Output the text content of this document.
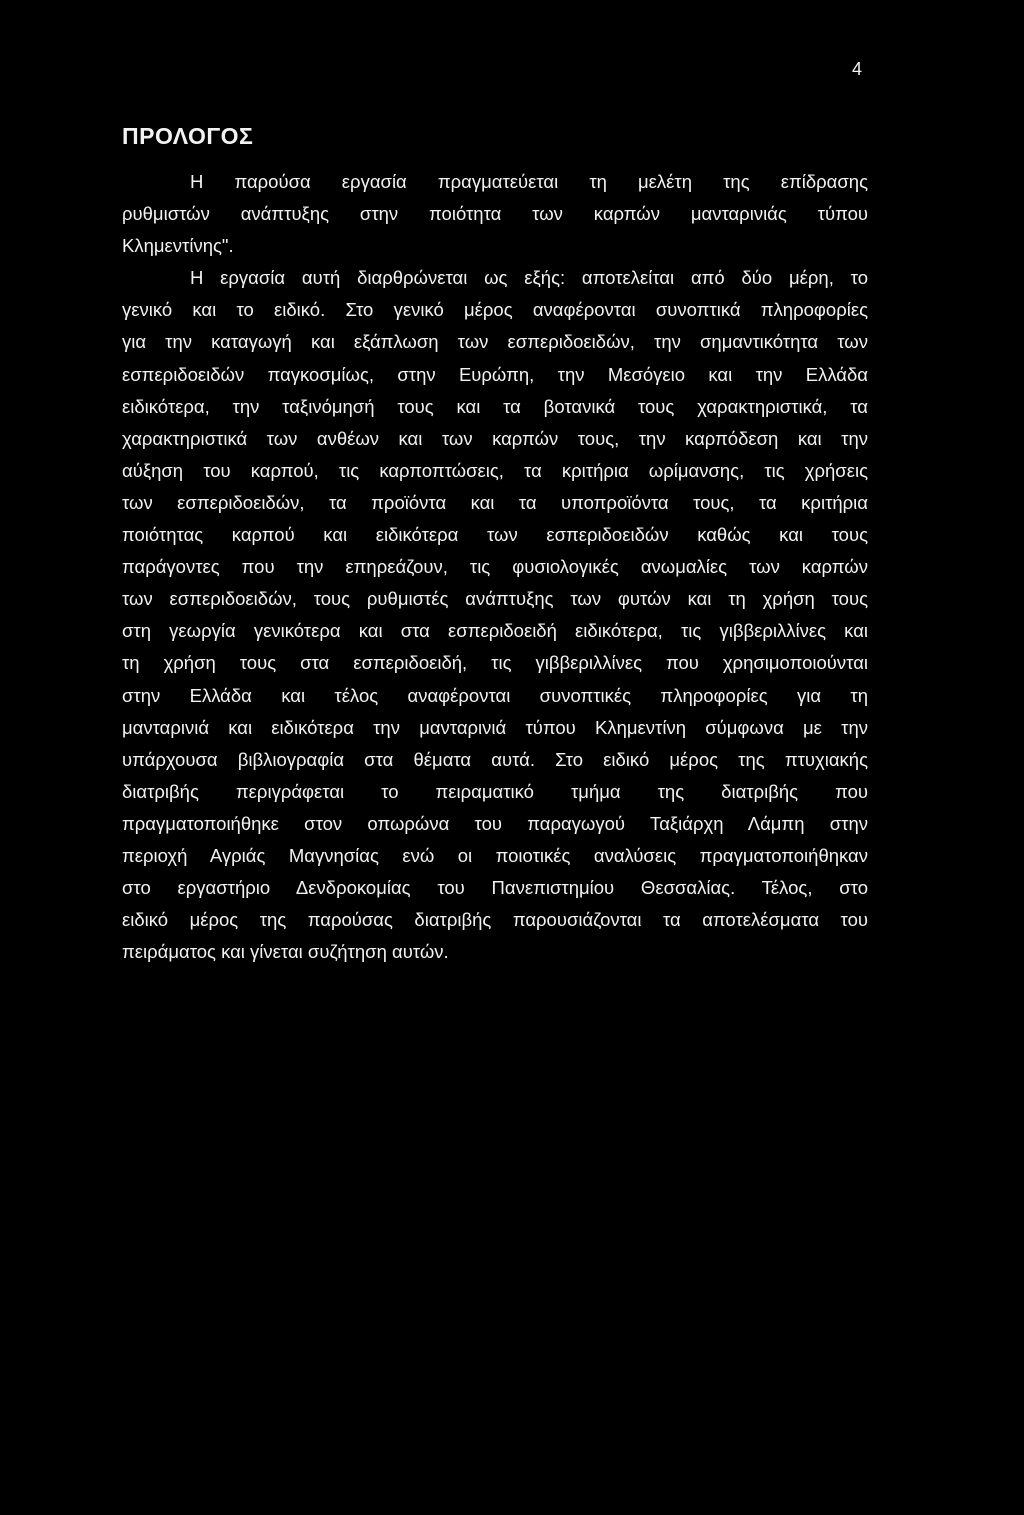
4
ΠΡΟΛΟΓΟΣ
Η παρούσα εργασία πραγματεύεται τη μελέτη της επίδρασης
ρυθμιστών ανάπτυξης στην ποιότητα των καρπών μανταρινιάς τύπου
Κλημεντίνης".
Η εργασία αυτή διαρθρώνεται ως εξής: αποτελείται από δύο μέρη, το
γενικό και το ειδικό. Στο γενικό μέρος αναφέρονται συνοπτικά πληροφορίες
για την καταγωγή και εξάπλωση των εσπεριδοειδών, την σημαντικότητα των
εσπεριδοειδών παγκοσμίως, στην Ευρώπη, την Μεσόγειο και την Ελλάδα
ειδικότερα, την ταξινόμησή τους και τα βοτανικά τους χαρακτηριστικά, τα
χαρακτηριστικά των ανθέων και των καρπών τους, την καρπόδεση και την
αύξηση του καρπού, τις καρποπτώσεις, τα κριτήρια ωρίμανσης, τις χρήσεις
των εσπεριδοειδών, τα προϊόντα και τα υποπροϊόντα τους, τα κριτήρια
ποιότητας καρπού και ειδικότερα των εσπεριδοειδών καθώς και τους
παράγοντες που την επηρεάζουν, τις φυσιολογικές ανωμαλίες των καρπών
των εσπεριδοειδών, τους ρυθμιστές ανάπτυξης των φυτών και τη χρήση τους
στη γεωργία γενικότερα και στα εσπεριδοειδή ειδικότερα, τις γιββεριλλίνες και
τη χρήση τους στα εσπεριδοειδή, τις γιββεριλλίνες που χρησιμοποιούνται
στην Ελλάδα και τέλος αναφέρονται συνοπτικές πληροφορίες για τη
μανταρινιά και ειδικότερα την μανταρινιά τύπου Κλημεντίνη σύμφωνα με την
υπάρχουσα βιβλιογραφία στα θέματα αυτά. Στο ειδικό μέρος της πτυχιακής
διατριβής περιγράφεται το πειραματικό τμήμα της διατριβής που
πραγματοποιήθηκε στον οπωρώνα του παραγωγού Ταξιάρχη Λάμπη στην
περιοχή Αγριάς Μαγνησίας ενώ οι ποιοτικές αναλύσεις πραγματοποιήθηκαν
στο εργαστήριο Δενδροκομίας του Πανεπιστημίου Θεσσαλίας. Τέλος, στο
ειδικό μέρος της παρούσας διατριβής παρουσιάζονται τα αποτελέσματα του
πειράματος και γίνεται συζήτηση αυτών.
